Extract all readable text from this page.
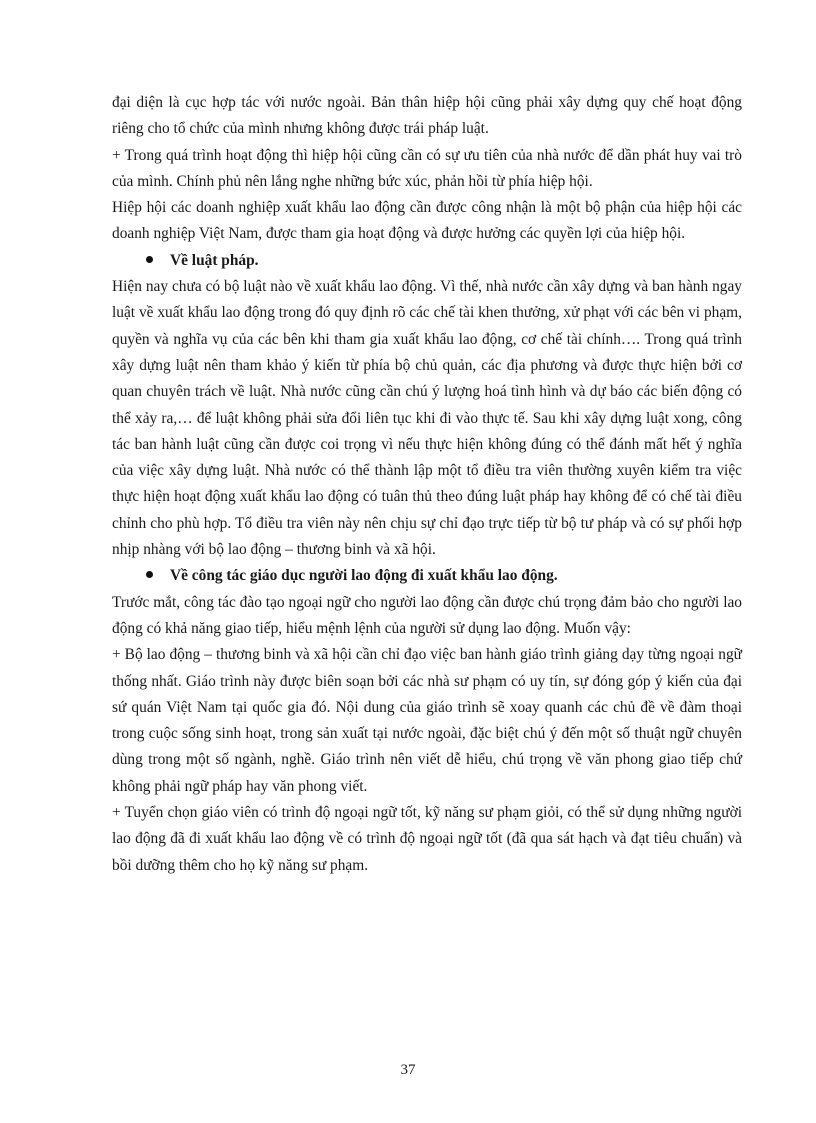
đại diện là cục hợp tác với nước ngoài. Bản thân hiệp hội cũng phải xây dựng quy chế hoạt động riêng cho tổ chức của mình nhưng không được trái pháp luật.

+ Trong quá trình hoạt động thì hiệp hội cũng cần có sự ưu tiên của nhà nước để dần phát huy vai trò của mình. Chính phủ nên lắng nghe những bức xúc, phản hồi từ phía hiệp hội.

Hiệp hội các doanh nghiệp xuất khẩu lao động cần được công nhận là một bộ phận của hiệp hội các doanh nghiệp Việt Nam, được tham gia hoạt động và được hưởng các quyền lợi của hiệp hội.

Về luật pháp.

Hiện nay chưa có bộ luật nào về xuất khẩu lao động. Vì thế, nhà nước cần xây dựng và ban hành ngay luật về xuất khẩu lao động trong đó quy định rõ các chế tài khen thưởng, xử phạt với các bên vi phạm, quyền và nghĩa vụ của các bên khi tham gia xuất khẩu lao động, cơ chế tài chính…. Trong quá trình xây dựng luật nên tham khảo ý kiến từ phía bộ chủ quản, các địa phương và được thực hiện bởi cơ quan chuyên trách về luật. Nhà nước cũng cần chú ý lượng hoá tình hình và dự báo các biến động có thể xảy ra,… để luật không phải sửa đổi liên tục khi đi vào thực tế. Sau khi xây dựng luật xong, công tác ban hành luật cũng cần được coi trọng vì nếu thực hiện không đúng có thể đánh mất hết ý nghĩa của việc xây dựng luật. Nhà nước có thể thành lập một tổ điều tra viên thường xuyên kiểm tra việc thực hiện hoạt động xuất khẩu lao động có tuân thủ theo đúng luật pháp hay không để có chế tài điều chỉnh cho phù hợp. Tổ điều tra viên này nên chịu sự chỉ đạo trực tiếp từ bộ tư pháp và có sự phối hợp nhịp nhàng với bộ lao động – thương binh và xã hội.

Về công tác giáo dục người lao động đi xuất khẩu lao động.

Trước mắt, công tác đào tạo ngoại ngữ cho người lao động cần được chú trọng đảm bảo cho người lao động có khả năng giao tiếp, hiểu mệnh lệnh của người sử dụng lao động. Muốn vậy:

+ Bộ lao động – thương binh và xã hội cần chỉ đạo việc ban hành giáo trình giảng dạy từng ngoại ngữ thống nhất. Giáo trình này được biên soạn bởi các nhà sư phạm có uy tín, sự đóng góp ý kiến của đại sứ quán Việt Nam tại quốc gia đó. Nội dung của giáo trình sẽ xoay quanh các chủ đề về đàm thoại trong cuộc sống sinh hoạt, trong sản xuất tại nước ngoài, đặc biệt chú ý đến một số thuật ngữ chuyên dùng trong một số ngành, nghề. Giáo trình nên viết dễ hiểu, chú trọng về văn phong giao tiếp chứ không phải ngữ pháp hay văn phong viết.

+ Tuyển chọn giáo viên có trình độ ngoại ngữ tốt, kỹ năng sư phạm giỏi, có thể sử dụng những người lao động đã đi xuất khẩu lao động về có trình độ ngoại ngữ tốt (đã qua sát hạch và đạt tiêu chuẩn) và bồi dưỡng thêm cho họ kỹ năng sư phạm.

37
